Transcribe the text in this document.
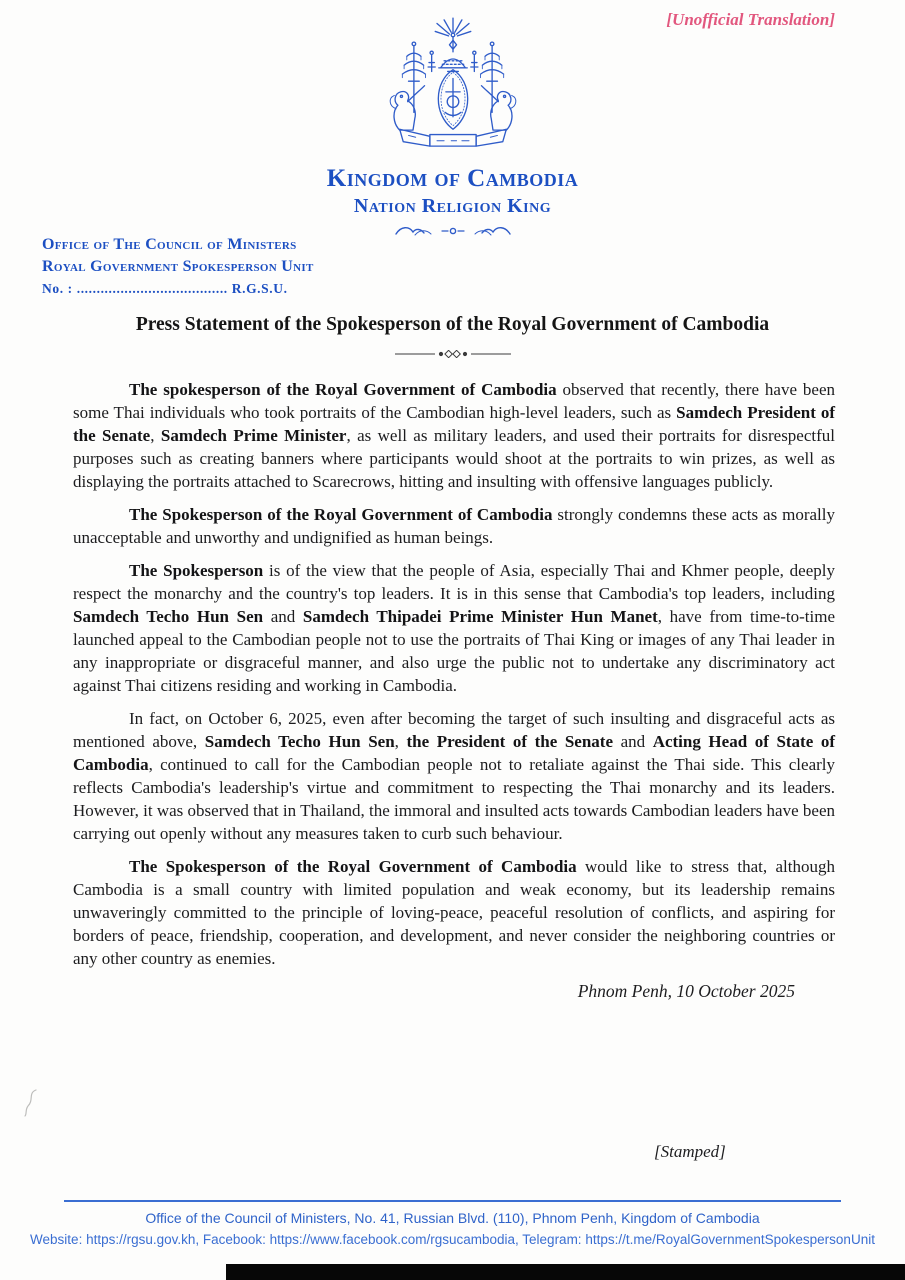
[Unofficial Translation]
Kingdom of Cambodia
Nation Religion King
Office of The Council of Ministers
Royal Government Spokesperson Unit
No. : ...................................... R.G.S.U.
Press Statement of the Spokesperson of the Royal Government of Cambodia

The spokesperson of the Royal Government of Cambodia observed that recently, there have been some Thai individuals who took portraits of the Cambodian high-level leaders, such as Samdech President of the Senate, Samdech Prime Minister, as well as military leaders, and used their portraits for disrespectful purposes such as creating banners where participants would shoot at the portraits to win prizes, as well as displaying the portraits attached to Scarecrows, hitting and insulting with offensive languages publicly.

The Spokesperson of the Royal Government of Cambodia strongly condemns these acts as morally unacceptable and unworthy and undignified as human beings.

The Spokesperson is of the view that the people of Asia, especially Thai and Khmer people, deeply respect the monarchy and the country's top leaders. It is in this sense that Cambodia's top leaders, including Samdech Techo Hun Sen and Samdech Thipadei Prime Minister Hun Manet, have from time-to-time launched appeal to the Cambodian people not to use the portraits of Thai King or images of any Thai leader in any inappropriate or disgraceful manner, and also urge the public not to undertake any discriminatory act against Thai citizens residing and working in Cambodia.

In fact, on October 6, 2025, even after becoming the target of such insulting and disgraceful acts as mentioned above, Samdech Techo Hun Sen, the President of the Senate and Acting Head of State of Cambodia, continued to call for the Cambodian people not to retaliate against the Thai side. This clearly reflects Cambodia's leadership's virtue and commitment to respecting the Thai monarchy and its leaders. However, it was observed that in Thailand, the immoral and insulted acts towards Cambodian leaders have been carrying out openly without any measures taken to curb such behaviour.

The Spokesperson of the Royal Government of Cambodia would like to stress that, although Cambodia is a small country with limited population and weak economy, but its leadership remains unwaveringly committed to the principle of loving-peace, peaceful resolution of conflicts, and aspiring for borders of peace, friendship, cooperation, and development, and never consider the neighboring countries or any other country as enemies.

Phnom Penh, 10 October 2025
[Stamped]
Office of the Council of Ministers, No. 41, Russian Blvd. (110), Phnom Penh, Kingdom of Cambodia
Website: https://rgsu.gov.kh, Facebook: https://www.facebook.com/rgsucambodia, Telegram: https://t.me/RoyalGovernmentSpokespersonUnit
